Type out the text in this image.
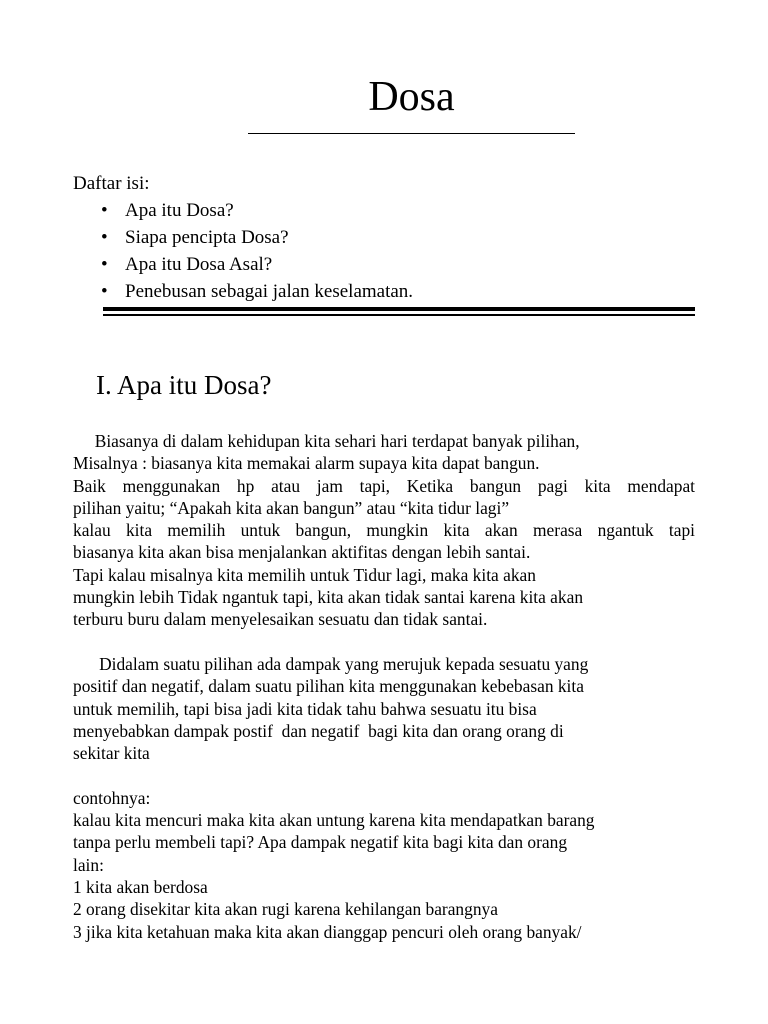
Dosa
Daftar isi:
• Apa itu Dosa?
• Siapa pencipta Dosa?
• Apa itu Dosa Asal?
• Penebusan sebagai jalan keselamatan.
I. Apa itu Dosa?
Biasanya di dalam kehidupan kita sehari hari terdapat banyak pilihan,
Misalnya : biasanya kita memakai alarm supaya kita dapat bangun.
Baik menggunakan hp atau jam tapi, Ketika bangun pagi kita mendapat
pilihan yaitu; “Apakah kita akan bangun” atau “kita tidur lagi”
kalau kita memilih untuk bangun, mungkin kita akan merasa ngantuk tapi
biasanya kita akan bisa menjalankan aktifitas dengan lebih santai.
Tapi kalau misalnya kita memilih untuk Tidur lagi, maka kita akan
mungkin lebih Tidak ngantuk tapi, kita akan tidak santai karena kita akan
terburu buru dalam menyelesaikan sesuatu dan tidak santai.
Didalam suatu pilihan ada dampak yang merujuk kepada sesuatu yang
positif dan negatif, dalam suatu pilihan kita menggunakan kebebasan kita
untuk memilih, tapi bisa jadi kita tidak tahu bahwa sesuatu itu bisa
menyebabkan dampak postif  dan negatif  bagi kita dan orang orang di
sekitar kita
contohnya:
kalau kita mencuri maka kita akan untung karena kita mendapatkan barang
tanpa perlu membeli tapi? Apa dampak negatif kita bagi kita dan orang
lain:
1 kita akan berdosa
2 orang disekitar kita akan rugi karena kehilangan barangnya
3 jika kita ketahuan maka kita akan dianggap pencuri oleh orang banyak/
